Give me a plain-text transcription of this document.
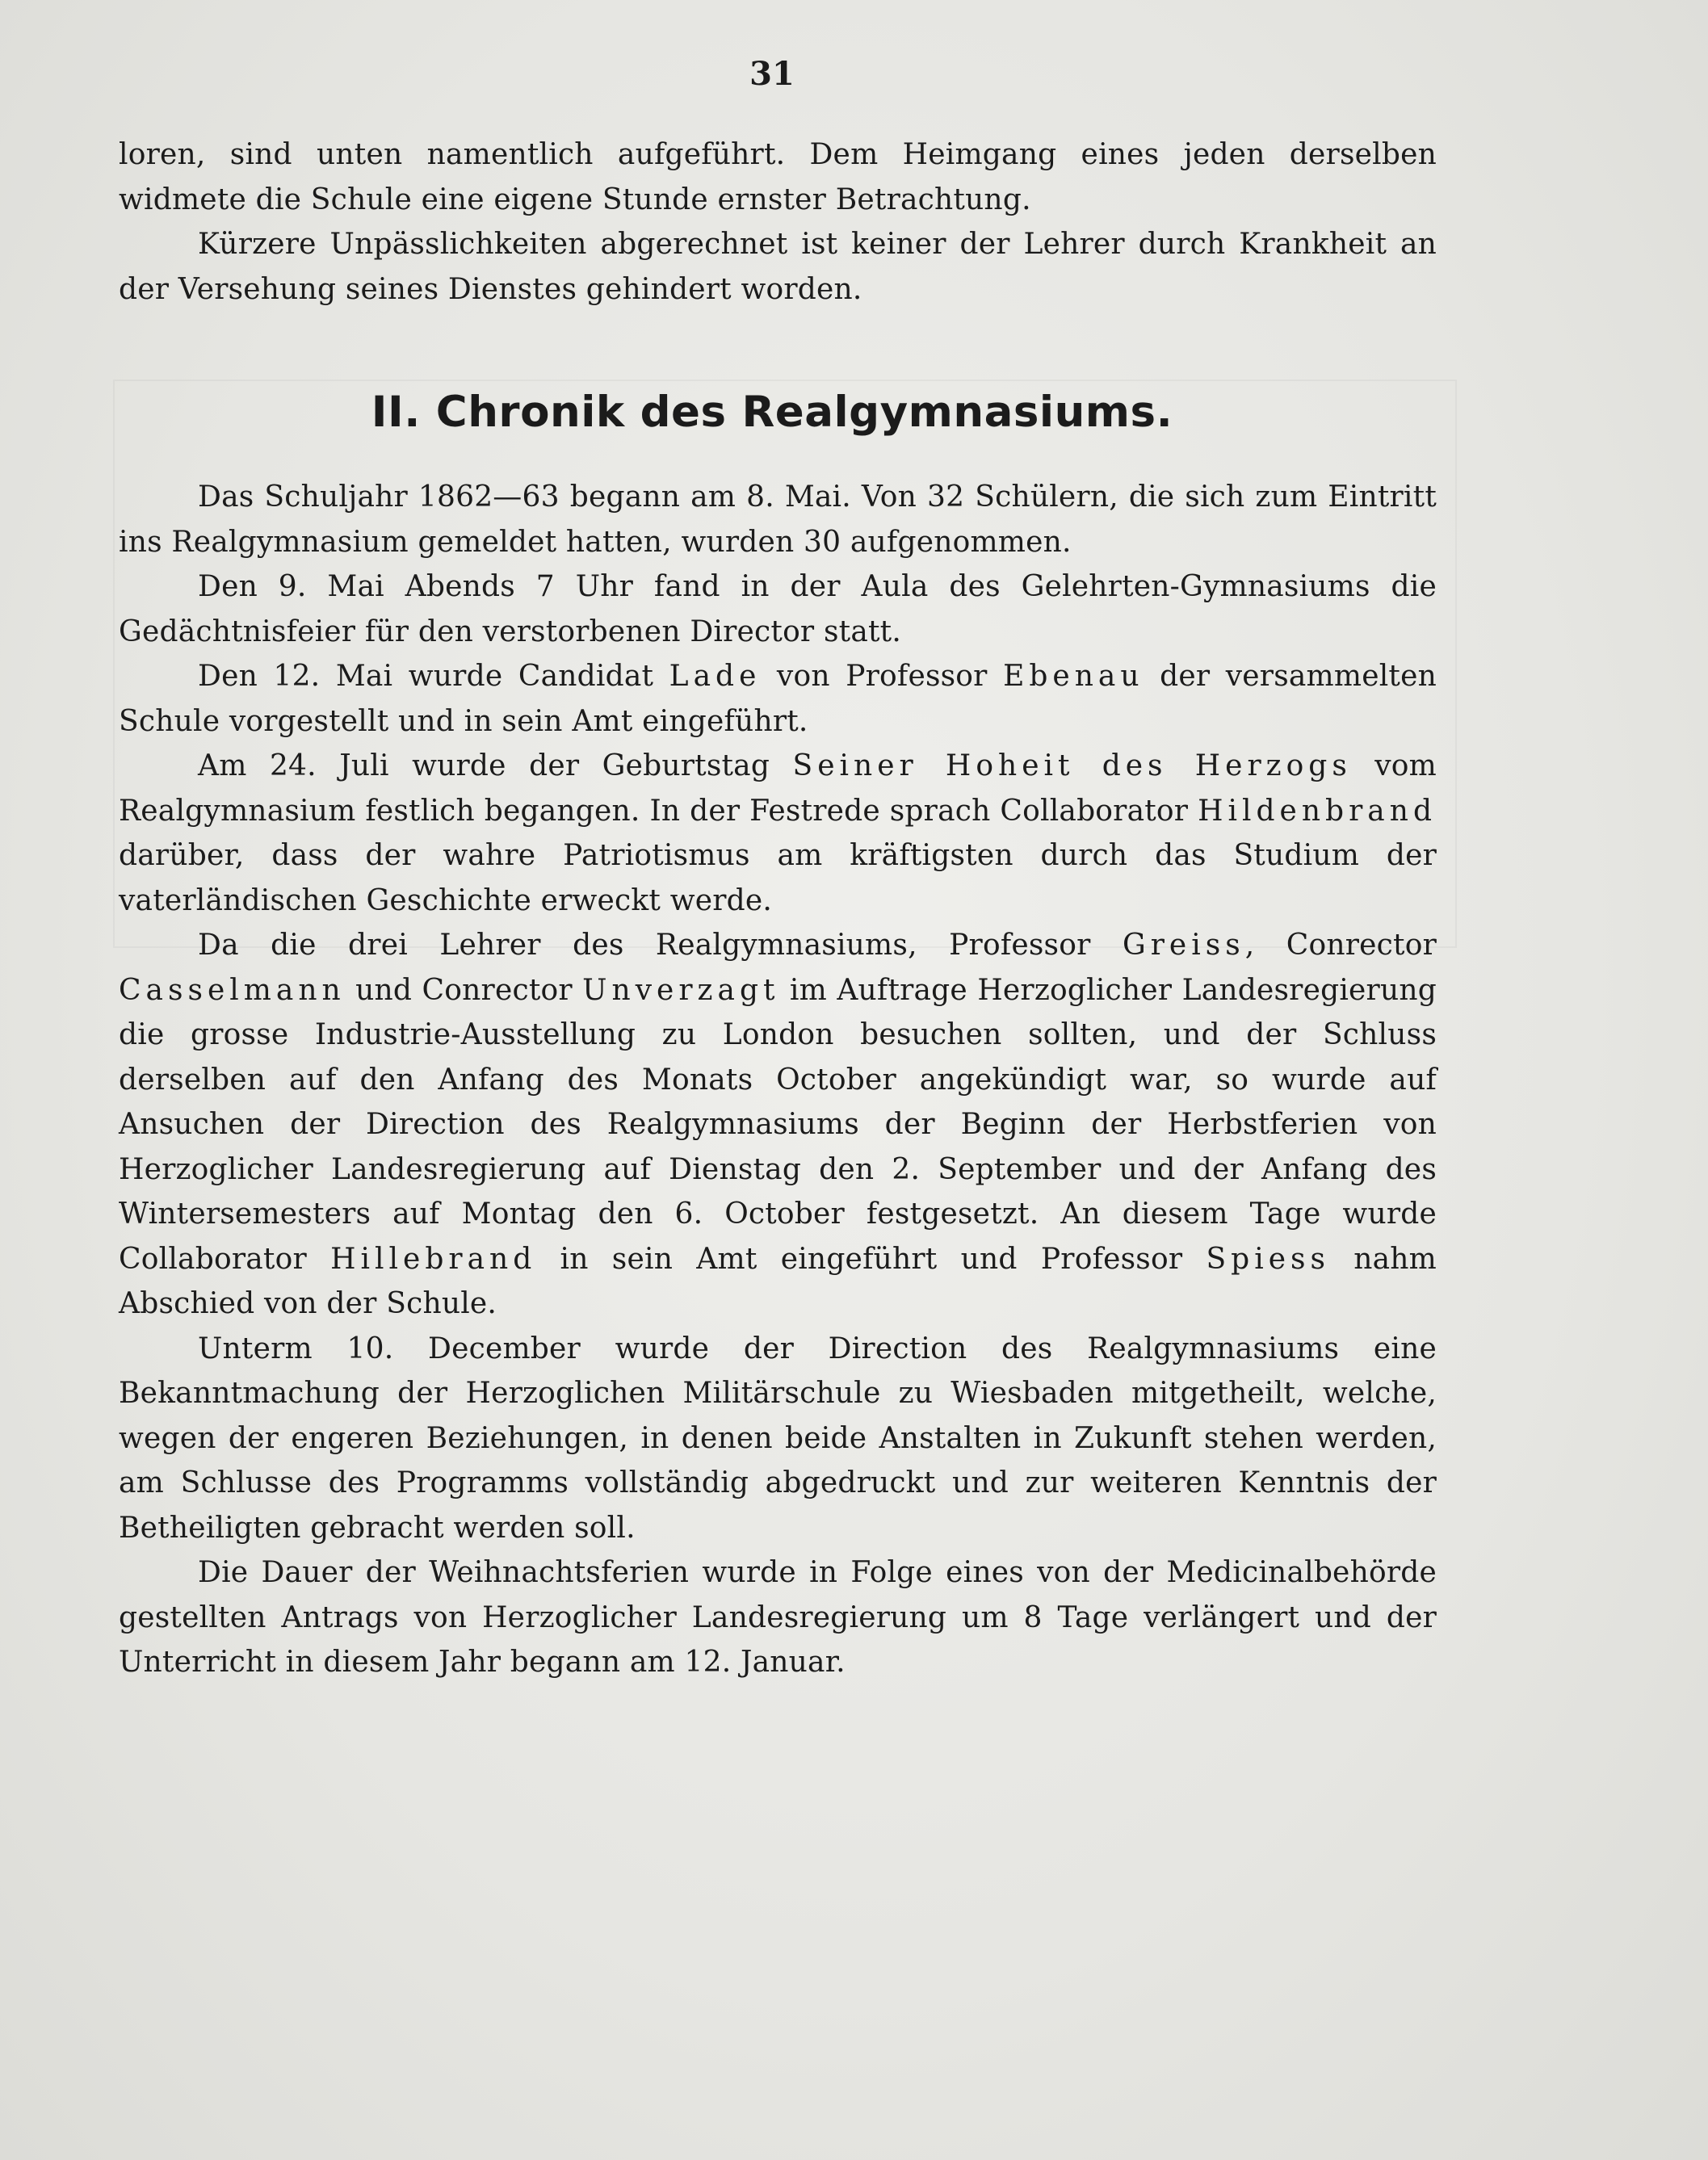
31

loren, sind unten namentlich aufgeführt. Dem Heimgang eines jeden derselben widmete die Schule eine eigene Stunde ernster Betrachtung.

Kürzere Unpässlichkeiten abgerechnet ist keiner der Lehrer durch Krankheit an der Versehung seines Dienstes gehindert worden.

II. Chronik des Realgymnasiums.

Das Schuljahr 1862—63 begann am 8. Mai. Von 32 Schülern, die sich zum Eintritt ins Realgymnasium gemeldet hatten, wurden 30 aufgenommen.

Den 9. Mai Abends 7 Uhr fand in der Aula des Gelehrten-Gymnasiums die Gedächtnisfeier für den verstorbenen Director statt.

Den 12. Mai wurde Candidat Lade von Professor Ebenau der versammelten Schule vorgestellt und in sein Amt eingeführt.

Am 24. Juli wurde der Geburtstag Seiner Hoheit des Herzogs vom Realgymnasium festlich begangen. In der Festrede sprach Collaborator Hildenbrand darüber, dass der wahre Patriotismus am kräftigsten durch das Studium der vaterländischen Geschichte erweckt werde.

Da die drei Lehrer des Realgymnasiums, Professor Greiss, Conrector Casselmann und Conrector Unverzagt im Auftrage Herzoglicher Landesregierung die grosse Industrie-Ausstellung zu London besuchen sollten, und der Schluss derselben auf den Anfang des Monats October angekündigt war, so wurde auf Ansuchen der Direction des Realgymnasiums der Beginn der Herbstferien von Herzoglicher Landesregierung auf Dienstag den 2. September und der Anfang des Wintersemesters auf Montag den 6. October festgesetzt. An diesem Tage wurde Collaborator Hillebrand in sein Amt eingeführt und Professor Spiess nahm Abschied von der Schule.

Unterm 10. December wurde der Direction des Realgymnasiums eine Bekanntmachung der Herzoglichen Militärschule zu Wiesbaden mitgetheilt, welche, wegen der engeren Beziehungen, in denen beide Anstalten in Zukunft stehen werden, am Schlusse des Programms vollständig abgedruckt und zur weiteren Kenntnis der Betheiligten gebracht werden soll.

Die Dauer der Weihnachtsferien wurde in Folge eines von der Medicinalbehörde gestellten Antrags von Herzoglicher Landesregierung um 8 Tage verlängert und der Unterricht in diesem Jahr begann am 12. Januar.
